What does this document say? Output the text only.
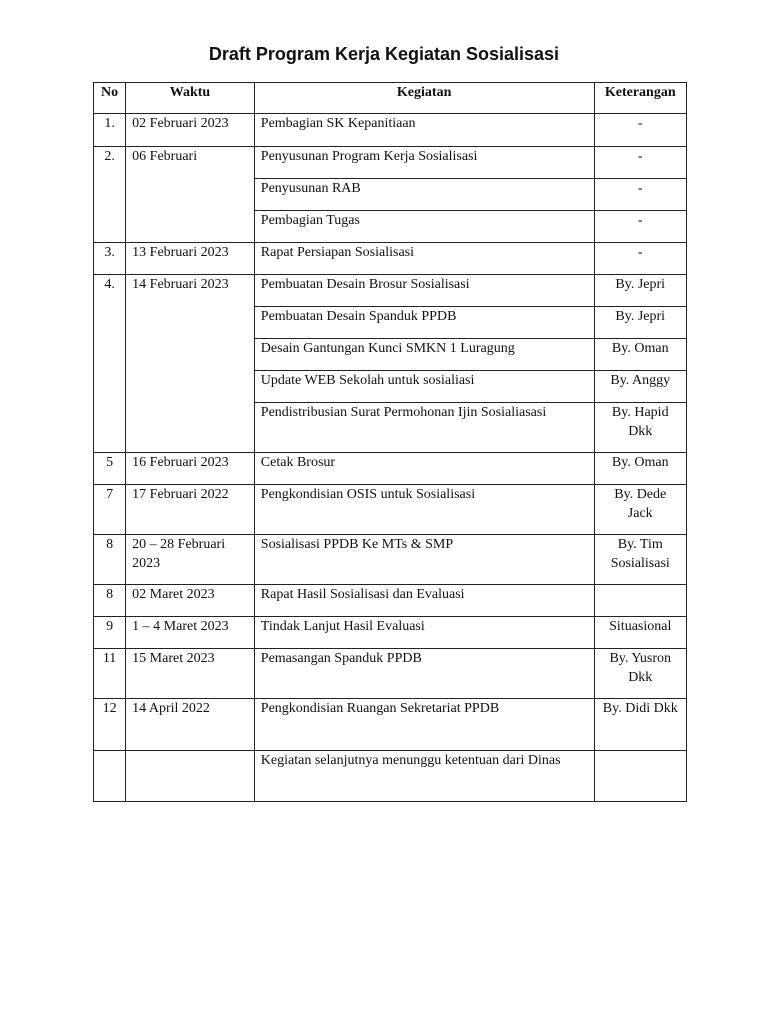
Draft Program Kerja Kegiatan Sosialisasi
No	Waktu	Kegiatan	Keterangan
1.	02 Februari 2023	Pembagian SK Kepanitiaan	-
2.	06 Februari	Penyusunan Program Kerja Sosialisasi	-
		Penyusunan RAB	-
		Pembagian Tugas	-
3.	13 Februari 2023	Rapat Persiapan Sosialisasi	-
4.	14 Februari 2023	Pembuatan Desain Brosur Sosialisasi	By. Jepri
		Pembuatan Desain Spanduk PPDB	By. Jepri
		Desain Gantungan Kunci SMKN 1 Luragung	By. Oman
		Update WEB Sekolah untuk sosialiasi	By. Anggy
		Pendistribusian Surat Permohonan Ijin Sosialiasasi	By. Hapid Dkk
5	16 Februari 2023	Cetak Brosur	By. Oman
7	17 Februari 2022	Pengkondisian OSIS untuk Sosialisasi	By. Dede Jack
8	20 – 28 Februari 2023	Sosialisasi PPDB Ke MTs & SMP	By. Tim Sosialisasi
8	02 Maret 2023	Rapat Hasil Sosialisasi dan Evaluasi	
9	1 – 4 Maret 2023	Tindak Lanjut Hasil Evaluasi	Situasional
11	15 Maret 2023	Pemasangan Spanduk PPDB	By. Yusron Dkk
12	14 April 2022	Pengkondisian Ruangan Sekretariat PPDB	By. Didi Dkk
		Kegiatan selanjutnya menunggu ketentuan dari Dinas	
